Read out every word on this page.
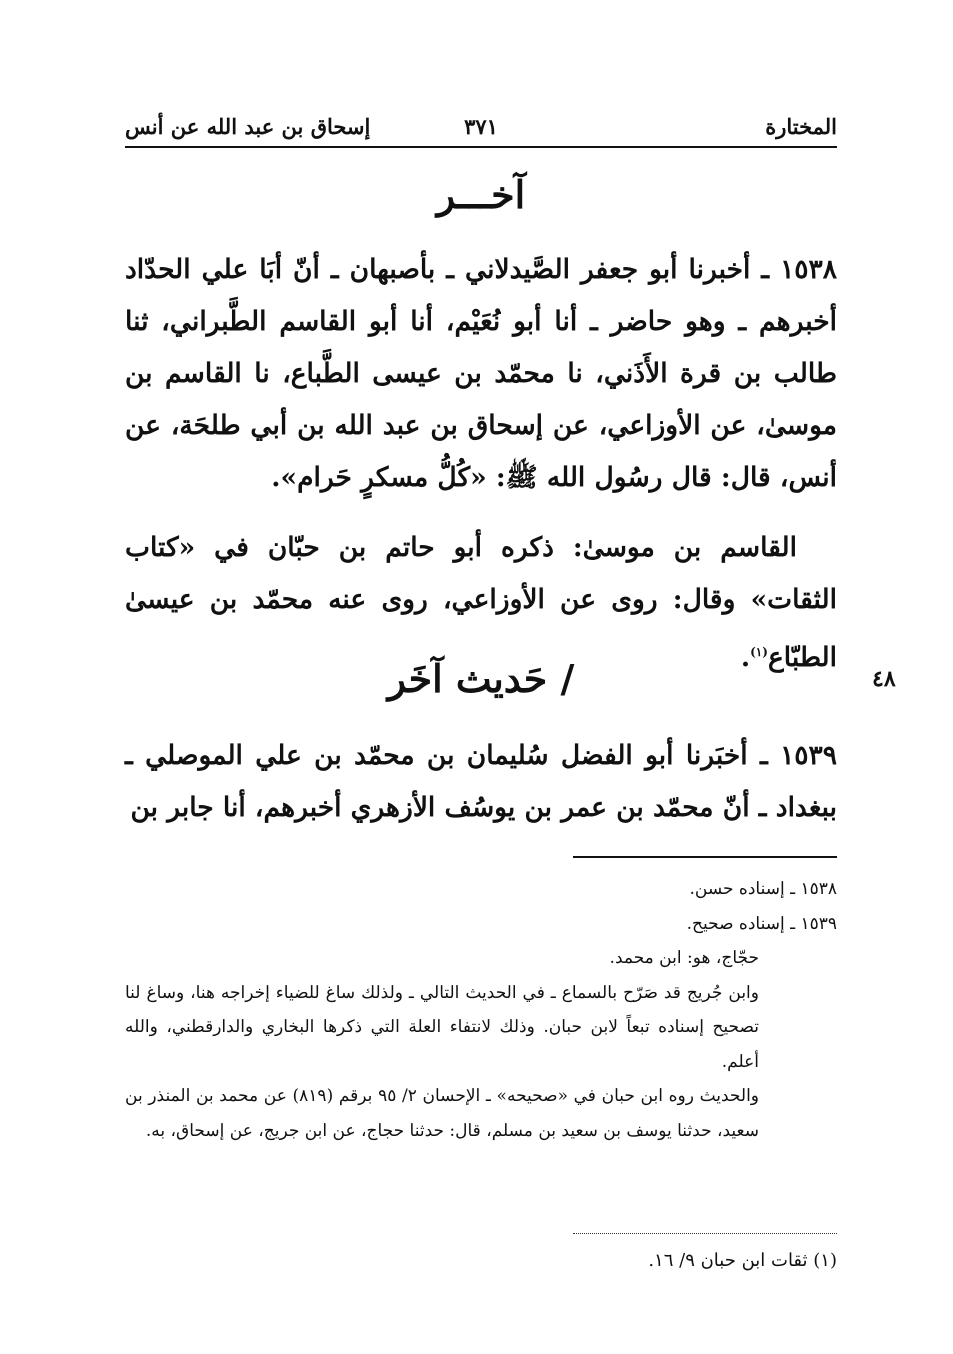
المختارة
٣٧١
إسحاق بن عبد الله عن أنس
آخـــر

١٥٣٨ ـ أخبرنا أبو جعفر الصَّيدلاني ـ بأصبهان ـ أنّ أبَا علي الحدّاد أخبرهم ـ وهو حاضر ـ أنا أبو نُعَيْم، أنا أبو القاسم الطَّبراني، ثنا طالب بن قرة الأَذَني، نا محمّد بن عيسى الطَّباع، نا القاسم بن موسىٰ، عن الأوزاعي، عن إسحاق بن عبد الله بن أبي طلحَة، عن أنس، قال: قال رسُول الله ﷺ: «كُلُّ مسكرٍ حَرام».

القاسم بن موسىٰ: ذكره أبو حاتم بن حبّان في «كتاب الثقات» وقال: روى عن الأوزاعي، روى عنه محمّد بن عيسىٰ الطبّاع$^{(١)}$.

٤٨
/ حَديث آخَر

١٥٣٩ ـ أخبَرنا أبو الفضل سُليمان بن محمّد بن علي الموصلي ـ ببغداد ـ أنّ محمّد بن عمر بن يوسُف الأزهري أخبرهم، أنا جابر بن

١٥٣٨ ـ إسناده حسن.

١٥٣٩ ـ إسناده صحيح.

حجّاج، هو: ابن محمد.

وابن جُريج قد صَرّح بالسماع ـ في الحديث التالي ـ ولذلك ساغ للضياء إخراجه هنا، وساغ لنا تصحيح إسناده تبعاً لابن حبان. وذلك لانتفاء العلة التي ذكرها البخاري والدارقطني، والله أعلم.

والحديث روه ابن حبان في «صحيحه» ـ الإحسان ٢/ ٩٥ برقم (٨١٩) عن محمد بن المنذر بن سعيد، حدثنا يوسف بن سعيد بن مسلم، قال: حدثنا حجاج، عن ابن جريج، عن إسحاق، به.

(١) ثقات ابن حبان ٩/ ١٦.
